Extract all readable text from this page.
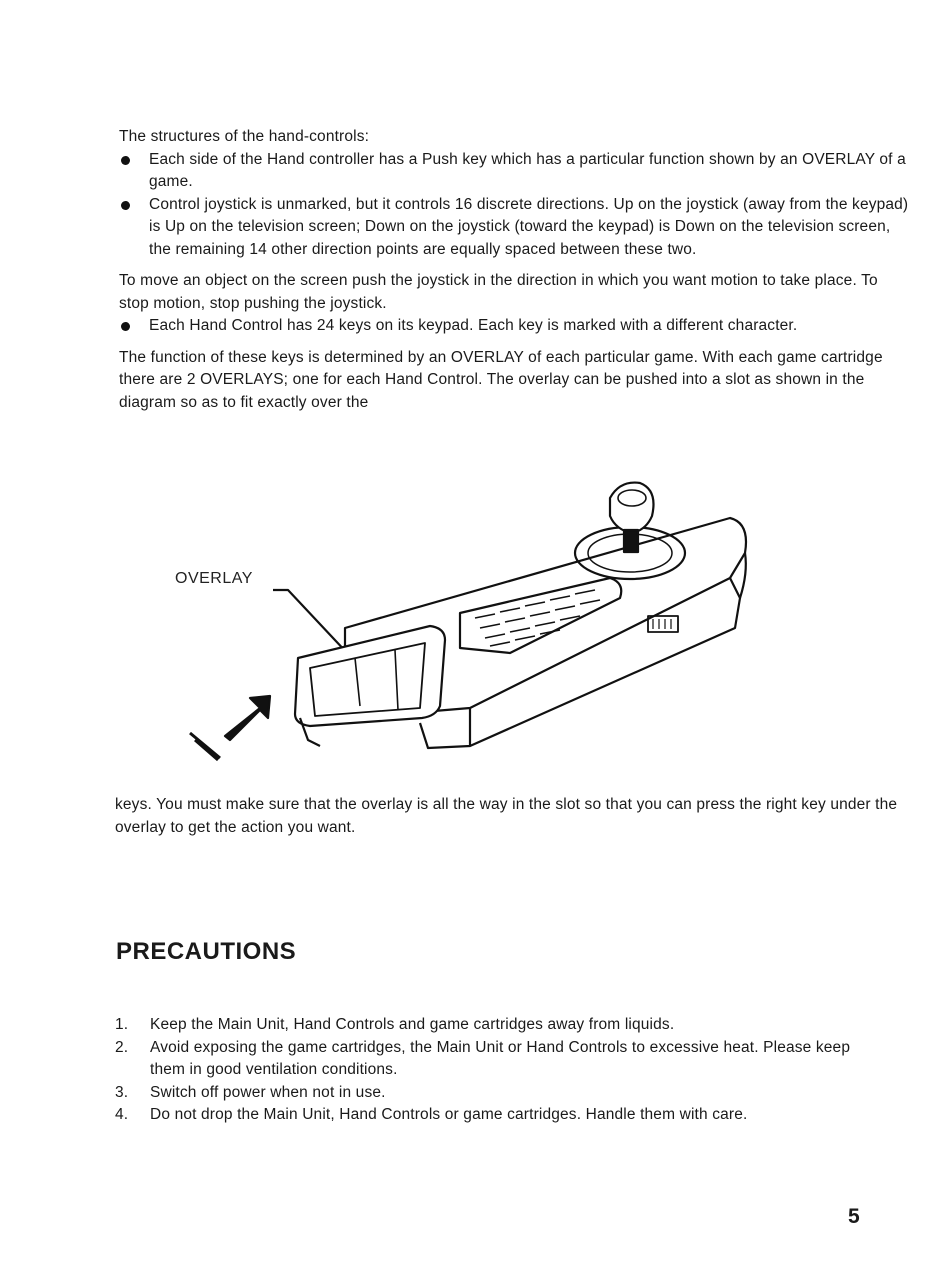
The structures of the hand-controls:

Each side of the Hand controller has a Push key which has a particular function shown by an OVERLAY of a game.
Control joystick is unmarked, but it controls 16 discrete directions. Up on the joystick (away from the keypad) is Up on the television screen; Down on the joystick (toward the keypad) is Down on the television screen, the remaining 14 other direction points are equally spaced between these two.

To move an object on the screen push the joystick in the direction in which you want motion to take place. To stop motion, stop pushing the joystick.

Each Hand Control has 24 keys on its keypad. Each key is marked with a different character.

The function of these keys is determined by an OVERLAY of each particular game. With each game cartridge there are 2 OVERLAYS; one for each Hand Control. The overlay can be pushed into a slot as shown in the diagram so as to fit exactly over the

OVERLAY

keys. You must make sure that the overlay is all the way in the slot so that you can press the right key under the overlay to get the action you want.

PRECAUTIONS
1. Keep the Main Unit, Hand Controls and game cartridges away from liquids.
2. Avoid exposing the game cartridges, the Main Unit or Hand Controls to excessive heat. Please keep them in good ventilation conditions.
3. Switch off power when not in use.
4. Do not drop the Main Unit, Hand Controls or game cartridges. Handle them with care.
5
